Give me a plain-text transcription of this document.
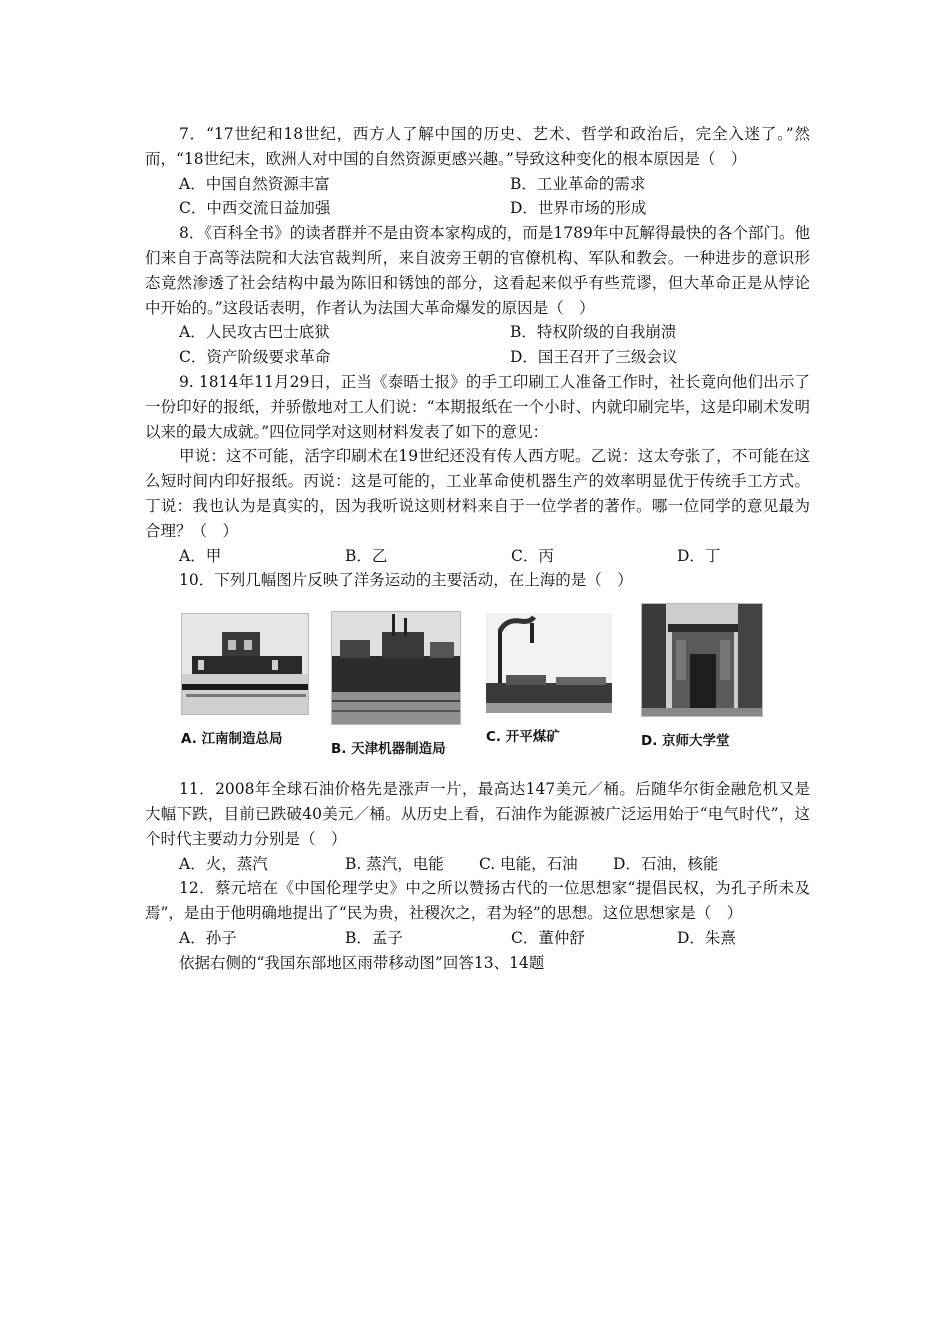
7．“17世纪和18世纪，西方人了解中国的历史、艺术、哲学和政治后，完全入迷了。”然而，“18世纪末，欧洲人对中国的自然资源更感兴趣。”导致这种变化的根本原因是（　）

A．中国自然资源丰富	B．工业革命的需求
C．中西交流日益加强	D．世界市场的形成

8．《百科全书》的读者群并不是由资本家构成的，而是1789年中瓦解得最快的各个部门。他们来自于高等法院和大法官裁判所，来自波旁王朝的官僚机构、军队和教会。一种进步的意识形态竟然渗透了社会结构中最为陈旧和锈蚀的部分，这看起来似乎有些荒谬，但大革命正是从悖论中开始的。”这段话表明，作者认为法国大革命爆发的原因是（　）

A．人民攻古巴士底狱	B．特权阶级的自我崩溃
C．资产阶级要求革命	D．国王召开了三级会议

9. 1814年11月29日，正当《泰晤士报》的手工印刷工人准备工作时，社长竟向他们出示了一份印好的报纸，并骄傲地对工人们说：“本期报纸在一个小时、内就印刷完毕，这是印刷术发明以来的最大成就。”四位同学对这则材料发表了如下的意见：

甲说：这不可能，活字印刷术在19世纪还没有传人西方呢。乙说：这太夸张了，不可能在这么短时间内印好报纸。丙说：这是可能的，工业革命使机器生产的效率明显优于传统手工方式。丁说：我也认为是真实的，因为我听说这则材料来自于一位学者的著作。哪一位同学的意见最为合理？（　）

A．甲	B．乙	C．丙	D．丁

10．下列几幅图片反映了洋务运动的主要活动，在上海的是（　）

A. 江南制造总局
B. 天津机器制造局
C. 开平煤矿	D. 京师大学堂

11．2008年全球石油价格先是涨声一片，最高达147美元／桶。后随华尔街金融危机又是大幅下跌，目前已跌破40美元／桶。从历史上看，石油作为能源被广泛运用始于“电气时代”，这个时代主要动力分别是（　）

A．火，蒸汽	B. 蒸汽，电能	C. 电能，石油	D．石油，核能

12．蔡元培在《中国伦理学史》中之所以赞扬古代的一位思想家“提倡民权，为孔子所未及焉”，是由于他明确地提出了“民为贵，社稷次之，君为轻”的思想。这位思想家是（　）

A．孙子	B．孟子	C．董仲舒	D．朱熹

依据右侧的“我国东部地区雨带移动图”回答13、14题
